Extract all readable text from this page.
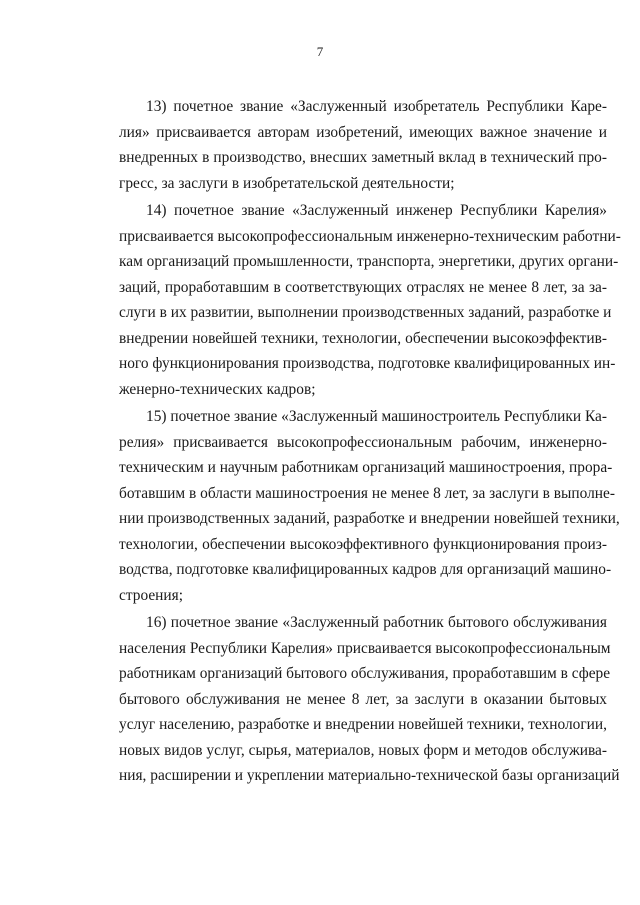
7

13) почетное звание «Заслуженный изобретатель Республики Каре-
лия» присваивается авторам изобретений, имеющих важное значение и
внедренных в производство, внесших заметный вклад в технический про-
гресс, за заслуги в изобретательской деятельности;

14) почетное звание «Заслуженный инженер Республики Карелия»
присваивается высокопрофессиональным инженерно-техническим работни-
кам организаций промышленности, транспорта, энергетики, других органи-
заций, проработавшим в соответствующих отраслях не менее 8 лет, за за-
слуги в их развитии, выполнении производственных заданий, разработке и
внедрении новейшей техники, технологии, обеспечении высокоэффектив-
ного функционирования производства, подготовке квалифицированных ин-
женерно-технических кадров;

15) почетное звание «Заслуженный машиностроитель Республики Ка-
релия» присваивается высокопрофессиональным рабочим, инженерно-
техническим и научным работникам организаций машиностроения, прора-
ботавшим в области машиностроения не менее 8 лет, за заслуги в выполне-
нии производственных заданий, разработке и внедрении новейшей техники,
технологии, обеспечении высокоэффективного функционирования произ-
водства, подготовке квалифицированных кадров для организаций машино-
строения;

16) почетное звание «Заслуженный работник бытового обслуживания
населения Республики Карелия» присваивается высокопрофессиональным
работникам организаций бытового обслуживания, проработавшим в сфере
бытового обслуживания не менее 8 лет, за заслуги в оказании бытовых
услуг населению, разработке и внедрении новейшей техники, технологии,
новых видов услуг, сырья, материалов, новых форм и методов обслужива-
ния, расширении и укреплении материально-технической базы организаций
